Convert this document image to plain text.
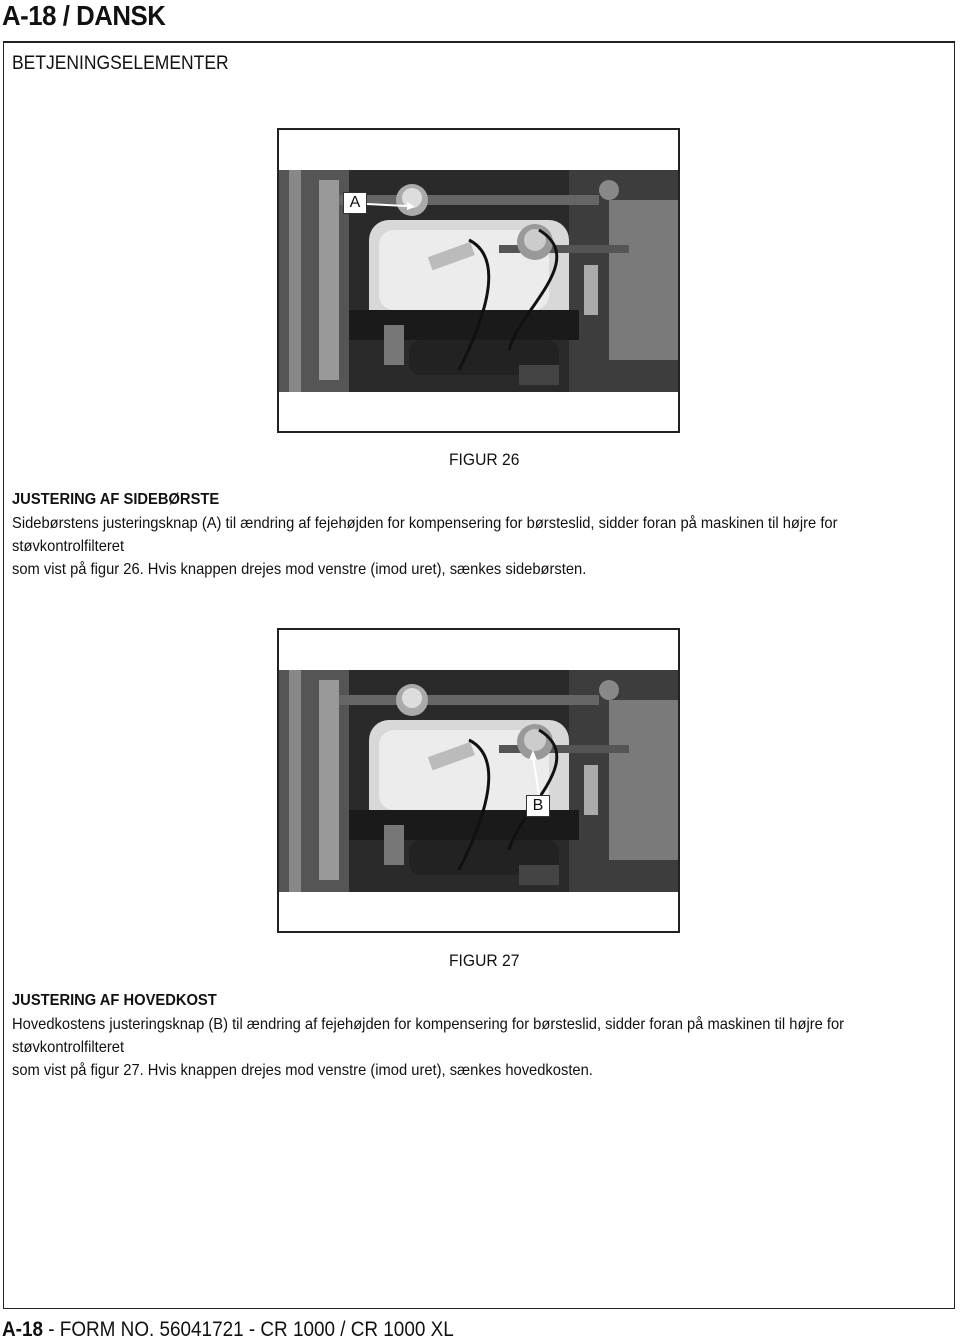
A-18 / DANSK
BETJENINGSELEMENTER
A
FIGUR 26
JUSTERING AF SIDEBØRSTE
Sidebørstens justeringsknap (A) til ændring af fejehøjden for kompensering for børsteslid, sidder foran på maskinen til højre for støvkontrolfilteret
som vist på figur 26. Hvis knappen drejes mod venstre (imod uret), sænkes sidebørsten.
B
FIGUR 27
JUSTERING AF HOVEDKOST
Hovedkostens justeringsknap (B) til ændring af fejehøjden for kompensering for børsteslid, sidder foran på maskinen til højre for støvkontrolfilteret
som vist på figur 27. Hvis knappen drejes mod venstre (imod uret), sænkes hovedkosten.
A-18 - FORM NO. 56041721 - CR 1000 / CR 1000 XL
